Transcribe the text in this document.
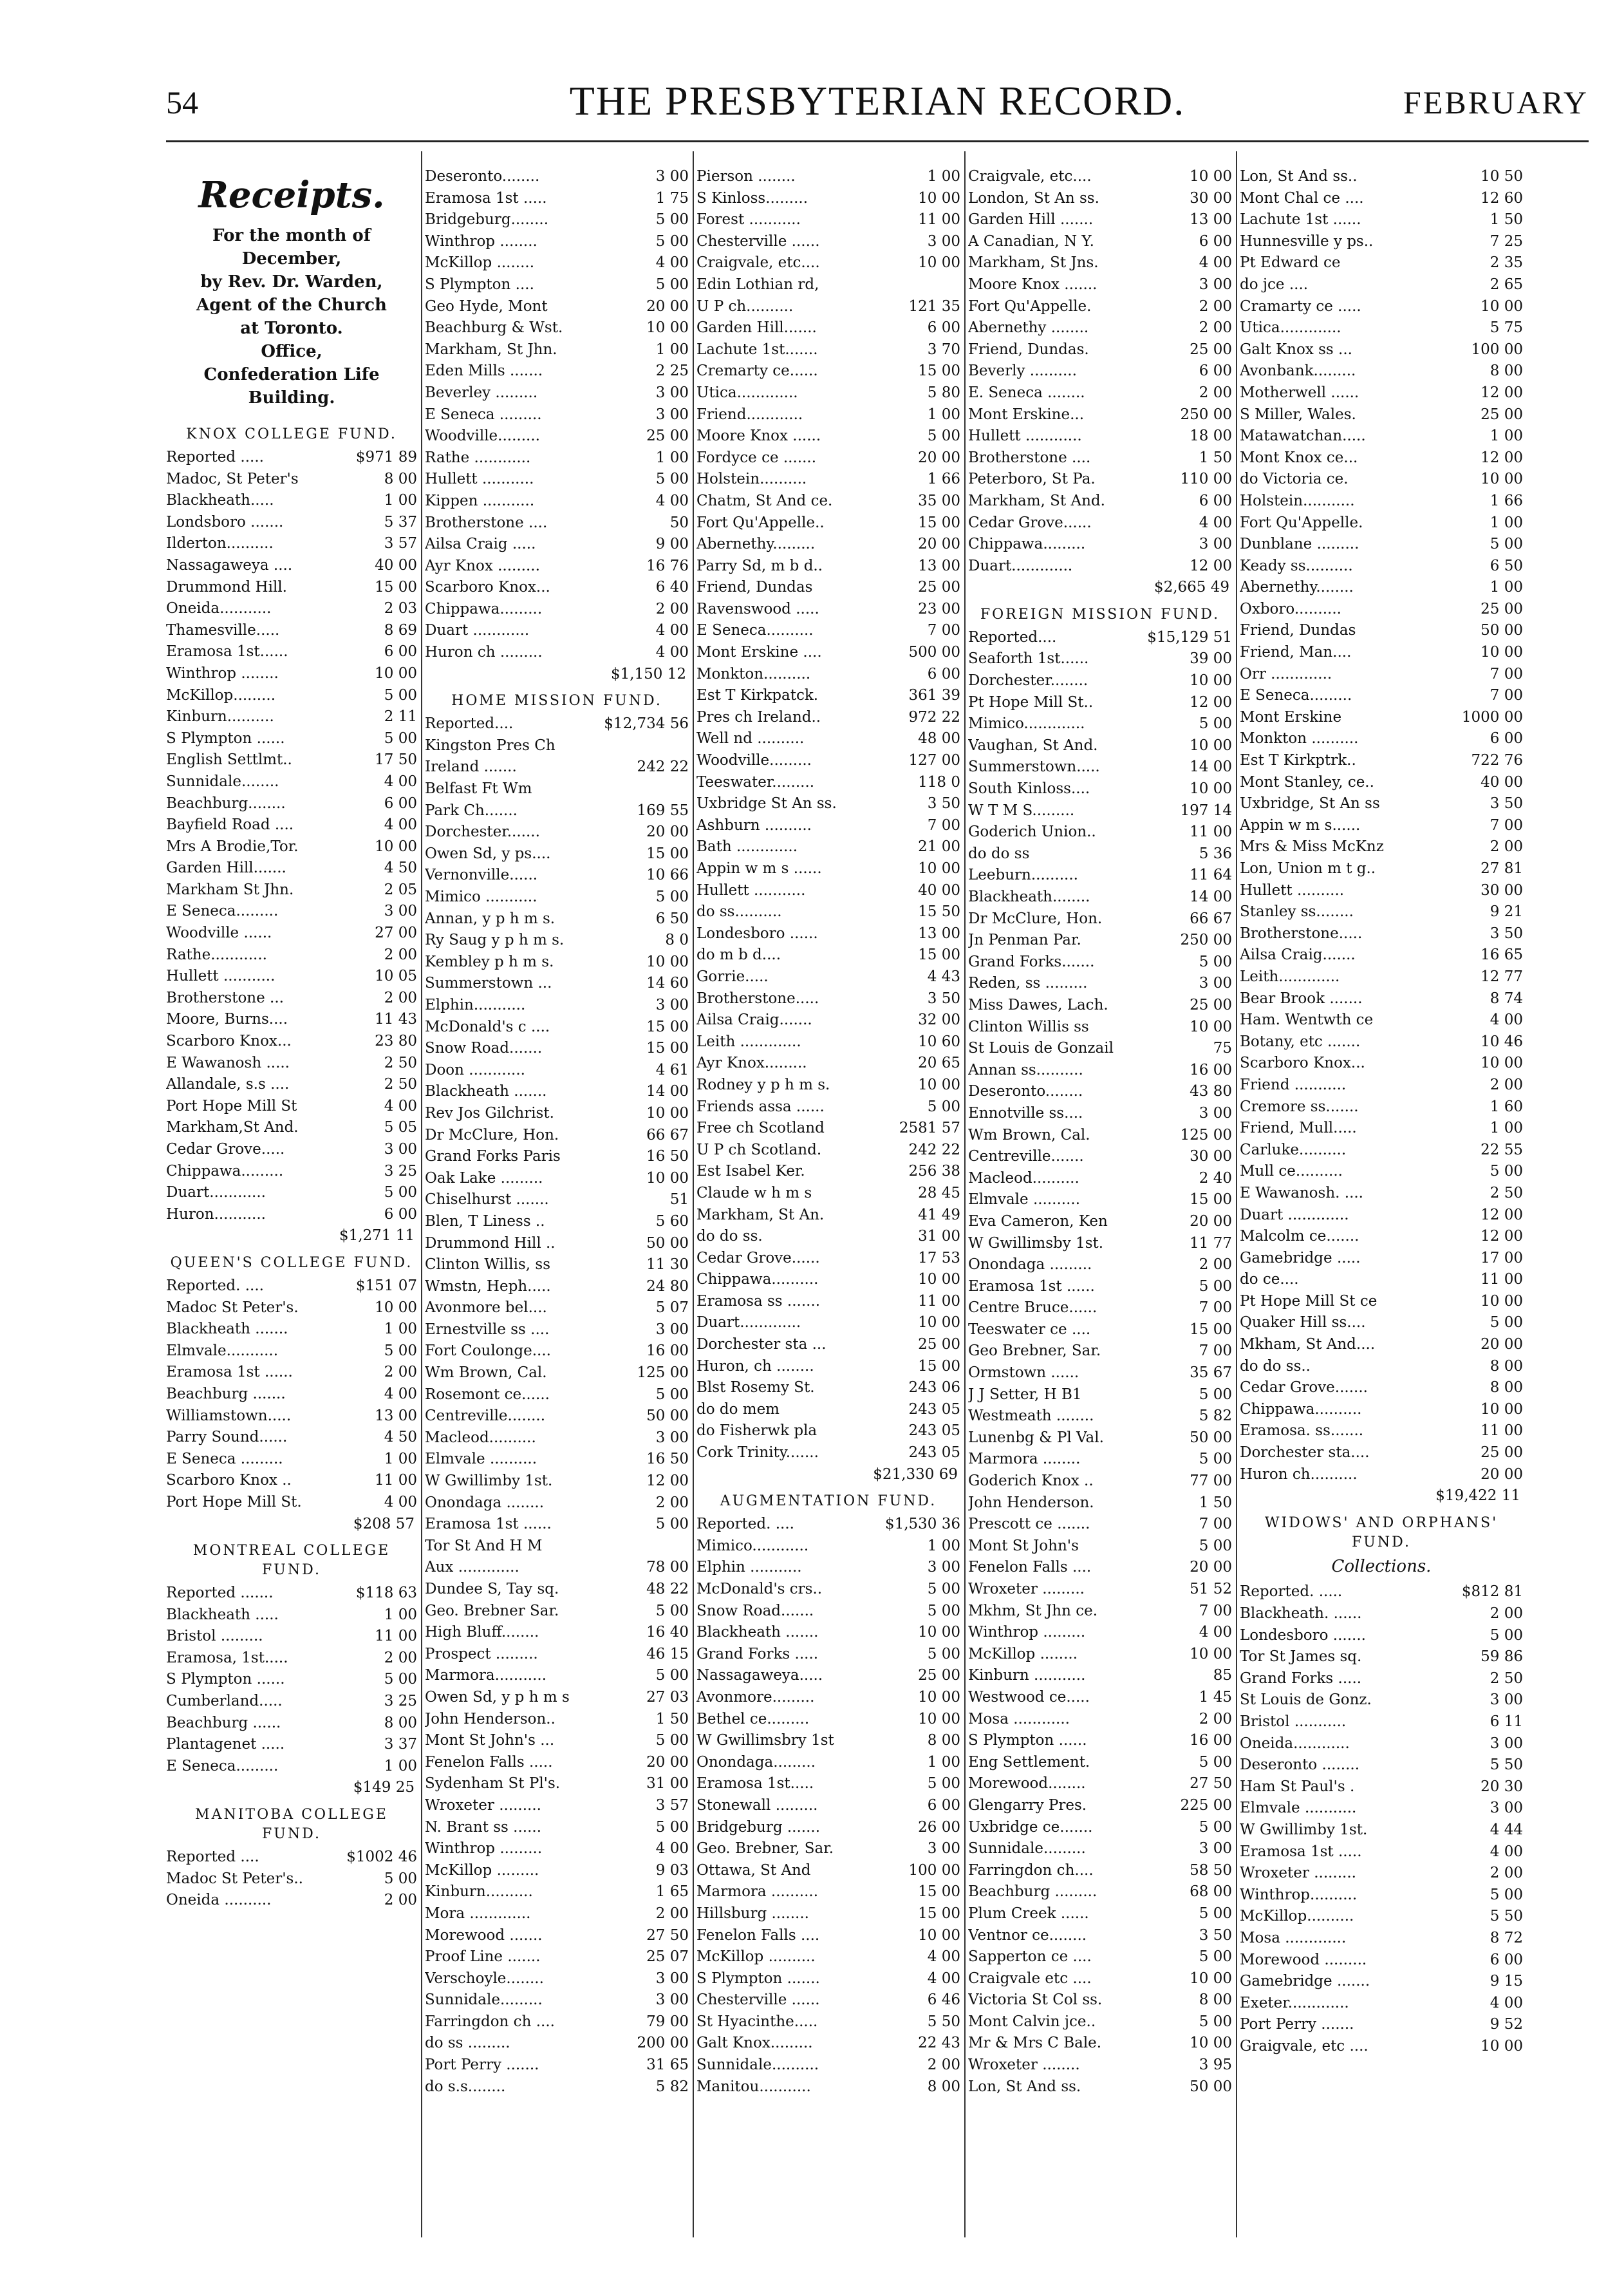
54	THE PRESBYTERIAN RECORD.	FEBRUARY
Receipts.
For the month of
December,
by Rev. Dr. Warden,
Agent of the Church
at Toronto.
Office,
Confederation Life
Building.
KNOX COLLEGE FUND.
Reported .....	$971 89
Madoc, St Peter's	8 00
Blackheath.....	1 00
Londsboro .......	5 37
Ilderton..........	3 57
Nassagaweya ....	40 00
Drummond Hill.	15 00
Oneida...........	2 03
Thamesville.....	8 69
Eramosa 1st......	6 00
Winthrop ........	10 00
McKillop.........	5 00
Kinburn..........	2 11
S Plympton ......	5 00
English Settlmt..	17 50
Sunnidale........	4 00
Beachburg........	6 00
Bayfield Road ....	4 00
Mrs A Brodie,Tor.	10 00
Garden Hill.......	4 50
Markham St Jhn.	2 05
E Seneca.........	3 00
Woodville ......	27 00
Rathe............	2 00
Hullett ...........	10 05
Brotherstone ...	2 00
Moore, Burns....	11 43
Scarboro Knox...	23 80
E Wawanosh .....	2 50
Allandale, s.s ....	2 50
Port Hope Mill St	4 00
Markham,St And.	5 05
Cedar Grove.....	3 00
Chippawa.........	3 25
Duart............	5 00
Huron...........	6 00
$1,271 11
QUEEN'S COLLEGE FUND.
Reported. ....	$151 07
Madoc St Peter's.	10 00
Blackheath .......	1 00
Elmvale...........	5 00
Eramosa 1st ......	2 00
Beachburg .......	4 00
Williamstown.....	13 00
Parry Sound......	4 50
E Seneca .........	1 00
Scarboro Knox ..	11 00
Port Hope Mill St.	4 00
$208 57
MONTREAL COLLEGE FUND.
Reported .......	$118 63
Blackheath .....	1 00
Bristol .........	11 00
Eramosa, 1st.....	2 00
S Plympton ......	5 00
Cumberland.....	3 25
Beachburg ......	8 00
Plantagenet .....	3 37
E Seneca.........	1 00
$149 25
MANITOBA COLLEGE FUND.
Reported ....	$1002 46
Madoc St Peter's..	5 00
Oneida ..........	2 00
Deseronto........	3 00
Eramosa 1st .....	1 75
Bridgeburg........	5 00
Winthrop ........	5 00
McKillop ........	4 00
S Plympton ....	5 00
Geo Hyde, Mont	20 00
Beachburg & Wst.	10 00
Markham, St Jhn.	1 00
Eden Mills .......	2 25
Beverley .........	3 00
E Seneca .........	3 00
Woodville.........	25 00
Rathe ............	1 00
Hullett ...........	5 00
Kippen ...........	4 00
Brotherstone ....	50
Ailsa Craig .....	9 00
Ayr Knox .........	16 76
Scarboro Knox...	6 40
Chippawa.........	2 00
Duart ............	4 00
Huron ch .........	4 00
$1,150 12
HOME MISSION FUND.
Reported....	$12,734 56
Kingston Pres Ch
Ireland .......	242 22
Belfast Ft Wm
Park Ch.......	169 55
Dorchester.......	20 00
Owen Sd, y ps....	15 00
Vernonville......	10 66
Mimico ...........	5 00
Annan, y p h m s.	6 50
Ry Saug y p h m s.	8 0
Kembley p h m s.	10 00
Summerstown ...	14 60
Elphin...........	3 00
McDonald's c ....	15 00
Snow Road.......	15 00
Doon ............	4 61
Blackheath .......	14 00
Rev Jos Gilchrist.	10 00
Dr McClure, Hon.	66 67
Grand Forks Paris	16 50
Oak Lake .........	10 00
Chiselhurst .......	51
Blen, T Liness ..	5 60
Drummond Hill ..	50 00
Clinton Willis, ss	11 30
Wmstn, Heph.....	24 80
Avonmore bel....	5 07
Ernestville ss ....	3 00
Fort Coulonge....	16 00
Wm Brown, Cal.	125 00
Rosemont ce......	5 00
Centreville........	50 00
Macleod..........	3 00
Elmvale ..........	16 50
W Gwillimby 1st.	12 00
Onondaga ........	2 00
Eramosa 1st ......	5 00
Tor St And H M
Aux .............	78 00
Dundee S, Tay sq.	48 22
Geo. Brebner Sar.	5 00
High Bluff........	16 40
Prospect .........	46 15
Marmora...........	5 00
Owen Sd, y p h m s	27 03
John Henderson..	1 50
Mont St John's ...	5 00
Fenelon Falls .....	20 00
Sydenham St Pl's.	31 00
Wroxeter .........	3 57
N. Brant ss ......	5 00
Winthrop .........	4 00
McKillop .........	9 03
Kinburn..........	1 65
Mora .............	2 00
Morewood .......	27 50
Proof Line .......	25 07
Verschoyle........	3 00
Sunnidale.........	3 00
Farringdon ch ....	79 00
do ss .........	200 00
Port Perry .......	31 65
do s.s........	5 82
Pierson ........	1 00
S Kinloss.........	10 00
Forest ...........	11 00
Chesterville ......	3 00
Craigvale, etc....	10 00
Edin Lothian rd,
U P ch..........	121 35
Garden Hill.......	6 00
Lachute 1st.......	3 70
Cremarty ce......	15 00
Utica.............	5 80
Friend............	1 00
Moore Knox ......	5 00
Fordyce ce .......	20 00
Holstein..........	1 66
Chatm, St And ce.	35 00
Fort Qu'Appelle..	15 00
Abernethy.........	20 00
Parry Sd, m b d..	13 00
Friend, Dundas	25 00
Ravenswood .....	23 00
E Seneca..........	7 00
Mont Erskine ....	500 00
Monkton..........	6 00
Est T Kirkpatck.	361 39
Pres ch Ireland..	972 22
Well nd ..........	48 00
Woodville.........	127 00
Teeswater.........	118 0
Uxbridge St An ss.	3 50
Ashburn ..........	7 00
Bath .............	21 00
Appin w m s ......	10 00
Hullett ...........	40 00
do ss..........	15 50
Londesboro ......	13 00
do m b d....	15 00
Gorrie.....	4 43
Brotherstone.....	3 50
Ailsa Craig.......	32 00
Leith .............	10 60
Ayr Knox.........	20 65
Rodney y p h m s.	10 00
Friends assa ......	5 00
Free ch Scotland	2581 57
U P ch Scotland.	242 22
Est Isabel Ker.	256 38
Claude w h m s	28 45
Markham, St An.	41 49
do do ss.	31 00
Cedar Grove......	17 53
Chippawa..........	10 00
Eramosa ss .......	11 00
Duart.............	10 00
Dorchester sta ...	25 00
Huron, ch ........	15 00
Blst Rosemy St.	243 06
do do mem	243 05
do Fisherwk pla	243 05
Cork Trinity.......	243 05
$21,330 69
AUGMENTATION FUND.
Reported. ....	$1,530 36
Mimico............	1 00
Elphin ...........	3 00
McDonald's crs..	5 00
Snow Road.......	5 00
Blackheath .......	10 00
Grand Forks .....	5 00
Nassagaweya.....	25 00
Avonmore.........	10 00
Bethel ce.........	10 00
W Gwillimsbry 1st	8 00
Onondaga.........	1 00
Eramosa 1st.....	5 00
Stonewall .........	6 00
Bridgeburg .......	26 00
Geo. Brebner, Sar.	3 00
Ottawa, St And	100 00
Marmora ..........	15 00
Hillsburg ........	15 00
Fenelon Falls ....	10 00
McKillop ..........	4 00
S Plympton .......	4 00
Chesterville ......	6 46
St Hyacinthe.....	5 50
Galt Knox.........	22 43
Sunnidale..........	2 00
Manitou...........	8 00
Craigvale, etc....	10 00
London, St An ss.	30 00
Garden Hill .......	13 00
A Canadian, N Y.	6 00
Markham, St Jns.	4 00
Moore Knox .......	3 00
Fort Qu'Appelle.	2 00
Abernethy ........	2 00
Friend, Dundas.	25 00
Beverly ..........	6 00
E. Seneca ........	2 00
Mont Erskine...	250 00
Hullett ............	18 00
Brotherstone ....	1 50
Peterboro, St Pa.	110 00
Markham, St And.	6 00
Cedar Grove......	4 00
Chippawa.........	3 00
Duart.............	12 00
$2,665 49
FOREIGN MISSION FUND.
Reported....	$15,129 51
Seaforth 1st......	39 00
Dorchester........	10 00
Pt Hope Mill St..	12 00
Mimico.............	5 00
Vaughan, St And.	10 00
Summerstown.....	14 00
South Kinloss....	10 00
W T M S.........	197 14
Goderich Union..	11 00
do do ss	5 36
Leeburn..........	11 64
Blackheath........	14 00
Dr McClure, Hon.	66 67
Jn Penman Par.	250 00
Grand Forks.......	5 00
Reden, ss .........	3 00
Miss Dawes, Lach.	25 00
Clinton Willis ss	10 00
St Louis de Gonzail	75
Annan ss..........	16 00
Deseronto........	43 80
Ennotville ss....	3 00
Wm Brown, Cal.	125 00
Centreville.......	30 00
Macleod..........	2 40
Elmvale ..........	15 00
Eva Cameron, Ken	20 00
W Gwillimsby 1st.	11 77
Onondaga .........	2 00
Eramosa 1st ......	5 00
Centre Bruce......	7 00
Teeswater ce ....	15 00
Geo Brebner, Sar.	7 00
Ormstown ......	35 67
J J Setter, H B1	5 00
Westmeath ........	5 82
Lunenbg & Pl Val.	50 00
Marmora ........	5 00
Goderich Knox ..	77 00
John Henderson.	1 50
Prescott ce .......	7 00
Mont St John's	5 00
Fenelon Falls ....	20 00
Wroxeter .........	51 52
Mkhm, St Jhn ce.	7 00
Winthrop .........	4 00
McKillop ........	10 00
Kinburn ...........	85
Westwood ce.....	1 45
Mosa ............	2 00
S Plympton ......	16 00
Eng Settlement.	5 00
Morewood........	27 50
Glengarry Pres.	225 00
Uxbridge ce.......	5 00
Sunnidale.........	3 00
Farringdon ch....	58 50
Beachburg .........	68 00
Plum Creek ......	5 00
Ventnor ce........	3 50
Sapperton ce ....	5 00
Craigvale etc ....	10 00
Victoria St Col ss.	8 00
Mont Calvin jce..	5 00
Mr & Mrs C Bale.	10 00
Wroxeter ........	3 95
Lon, St And ss.	50 00
Lon, St And ss..	10 50
Mont Chal ce ....	12 60
Lachute 1st ......	1 50
Hunnesville y ps..	7 25
Pt Edward ce	2 35
do jce ....	2 65
Cramarty ce .....	10 00
Utica.............	5 75
Galt Knox ss ...	100 00
Avonbank.........	8 00
Motherwell ......	12 00
S Miller, Wales.	25 00
Matawatchan.....	1 00
Mont Knox ce...	12 00
do Victoria ce.	10 00
Holstein...........	1 66
Fort Qu'Appelle.	1 00
Dunblane .........	5 00
Keady ss..........	6 50
Abernethy........	1 00
Oxboro..........	25 00
Friend, Dundas	50 00
Friend, Man....	10 00
Orr .............	7 00
E Seneca.........	7 00
Mont Erskine	1000 00
Monkton ..........	6 00
Est T Kirkptrk..	722 76
Mont Stanley, ce..	40 00
Uxbridge, St An ss	3 50
Appin w m s......	7 00
Mrs & Miss McKnz	2 00
Lon, Union m t g..	27 81
Hullett ..........	30 00
Stanley ss........	9 21
Brotherstone.....	3 50
Ailsa Craig.......	16 65
Leith.............	12 77
Bear Brook .......	8 74
Ham. Wentwth ce	4 00
Botany, etc .......	10 46
Scarboro Knox...	10 00
Friend ...........	2 00
Cremore ss.......	1 60
Friend, Mull.....	1 00
Carluke..........	22 55
Mull ce..........	5 00
E Wawanosh. ....	2 50
Duart .............	12 00
Malcolm ce.......	12 00
Gamebridge .....	17 00
do ce....	11 00
Pt Hope Mill St ce	10 00
Quaker Hill ss....	5 00
Mkham, St And....	20 00
do do ss..	8 00
Cedar Grove.......	8 00
Chippawa..........	10 00
Eramosa. ss.......	11 00
Dorchester sta....	25 00
Huron ch..........	20 00
$19,422 11
WIDOWS' AND ORPHANS' FUND.
Collections.
Reported. .....	$812 81
Blackheath. ......	2 00
Londesboro .......	5 00
Tor St James sq.	59 86
Grand Forks .....	2 50
St Louis de Gonz.	3 00
Bristol ...........	6 11
Oneida............	3 00
Deseronto ........	5 50
Ham St Paul's .	20 30
Elmvale ...........	3 00
W Gwillimby 1st.	4 44
Eramosa 1st .....	4 00
Wroxeter .........	2 00
Winthrop..........	5 00
McKillop..........	5 50
Mosa .............	8 72
Morewood .........	6 00
Gamebridge .......	9 15
Exeter.............	4 00
Port Perry .......	9 52
Graigvale, etc ....	10 00
